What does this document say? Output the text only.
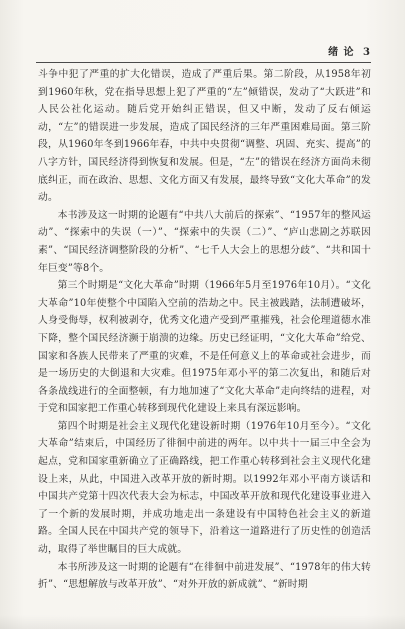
绪 论 3

斗争中犯了严重的扩大化错误，造成了严重后果。第二阶段，从1958年初到1960年秋，党在指导思想上犯了严重的“左”倾错误，发动了“大跃进”和人民公社化运动。随后党开始纠正错误，但又中断，发动了反右倾运动，“左”的错误进一步发展，造成了国民经济的三年严重困难局面。第三阶段，从1960年冬到1966年春，中共中央贯彻“调整、巩固、充实、提高”的八字方针，国民经济得到恢复和发展。但是，“左”的错误在经济方面尚未彻底纠正，而在政治、思想、文化方面又有发展，最终导致“文化大革命”的发动。

本书涉及这一时期的论题有“中共八大前后的探索”、“1957年的整风运动”、“探索中的失误（一）”、“探索中的失误（二）”、“庐山悲剧之苏联因素”、“国民经济调整阶段的分析”、“七千人大会上的思想分歧”、“共和国十年巨变”等8个。

第三个时期是“文化大革命”时期（1966年5月至1976年10月）。“文化大革命”10年使整个中国陷入空前的浩劫之中。民主被践踏，法制遭破坏，人身受侮辱，权利被剥夺，优秀文化遗产受到严重摧残，社会伦理道德水准下降，整个国民经济濒于崩溃的边缘。历史已经证明，“文化大革命”给党、国家和各族人民带来了严重的灾难，不是任何意义上的革命或社会进步，而是一场历史的大倒退和大灾难。但1975年邓小平的第二次复出，和随后对各条战线进行的全面整顿，有力地加速了“文化大革命”走向终结的进程，对于党和国家把工作重心转移到现代化建设上来具有深远影响。

第四个时期是社会主义现代化建设新时期（1976年10月至今）。“文化大革命”结束后，中国经历了徘徊中前进的两年。以中共十一届三中全会为起点，党和国家重新确立了正确路线，把工作重心转移到社会主义现代化建设上来，从此，中国进入改革开放的新时期。以1992年邓小平南方谈话和中国共产党第十四次代表大会为标志，中国改革开放和现代化建设事业进入了一个新的发展时期，并成功地走出一条建设有中国特色社会主义的新道路。全国人民在中国共产党的领导下，沿着这一道路进行了历史性的创造活动，取得了举世瞩目的巨大成就。

本书所涉及这一时期的论题有“在徘徊中前进发展”、“1978年的伟大转折”、“思想解放与改革开放”、“对外开放的新成就”、“新时期
